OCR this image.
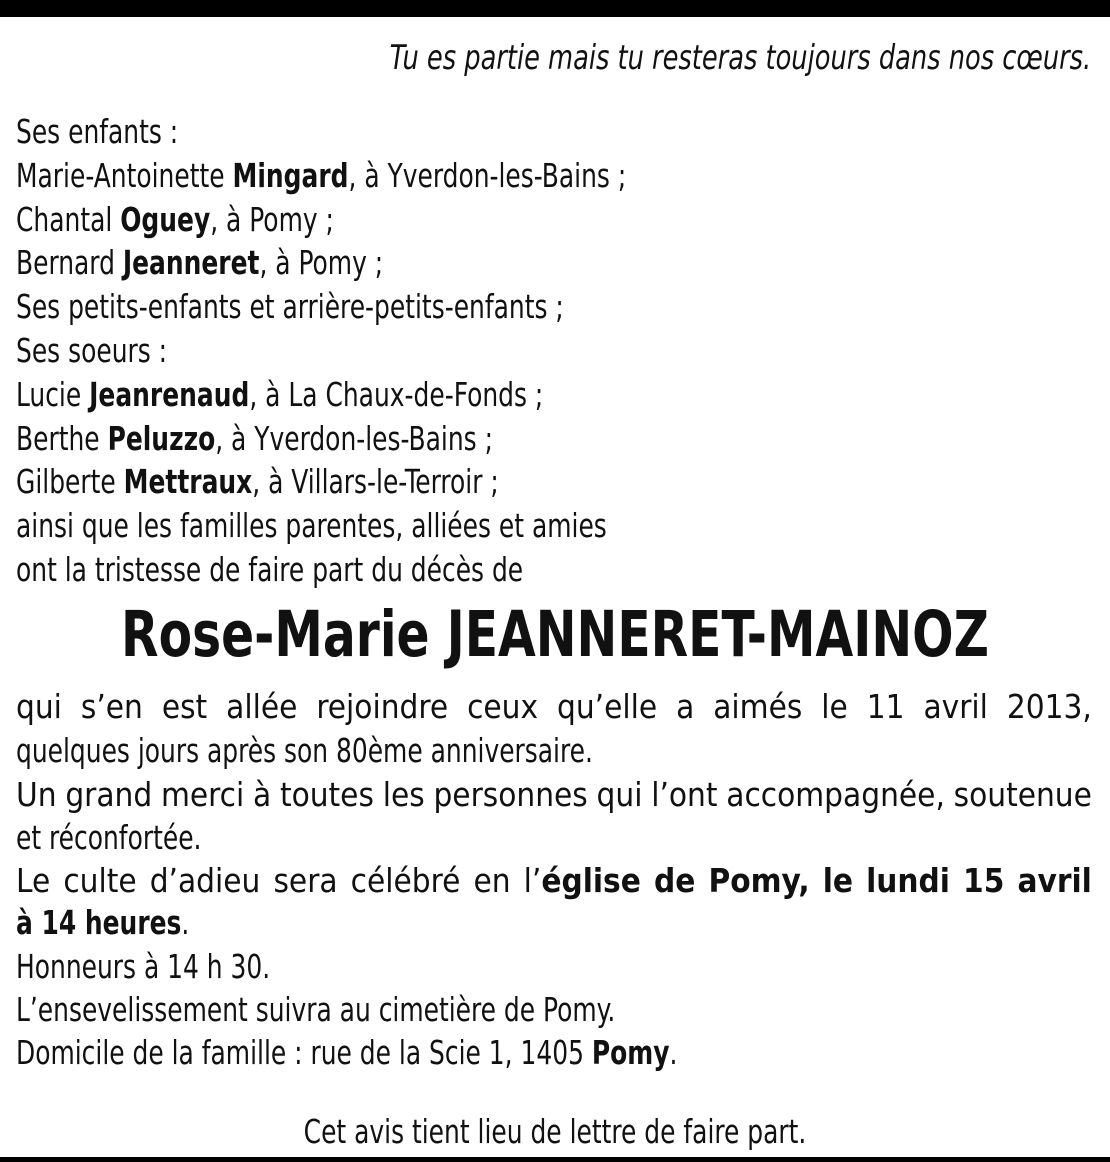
Tu es partie mais tu resteras toujours dans nos cœurs.
Ses enfants :
Marie-Antoinette Mingard, à Yverdon-les-Bains ;
Chantal Oguey, à Pomy ;
Bernard Jeanneret, à Pomy ;
Ses petits-enfants et arrière-petits-enfants ;
Ses soeurs :
Lucie Jeanrenaud, à La Chaux-de-Fonds ;
Berthe Peluzzo, à Yverdon-les-Bains ;
Gilberte Mettraux, à Villars-le-Terroir ;
ainsi que les familles parentes, alliées et amies
ont la tristesse de faire part du décès de
Rose-Marie JEANNERET-MAINOZ
qui s’en est allée rejoindre ceux qu’elle a aimés le 11 avril 2013,
quelques jours après son 80ème anniversaire.
Un grand merci à toutes les personnes qui l’ont accompagnée, soutenue
et réconfortée.
Le culte d’adieu sera célébré en l’église de Pomy, le lundi 15 avril
à 14 heures.
Honneurs à 14 h 30.
L’ensevelissement suivra au cimetière de Pomy.
Domicile de la famille : rue de la Scie 1, 1405 Pomy.
Cet avis tient lieu de lettre de faire part.
